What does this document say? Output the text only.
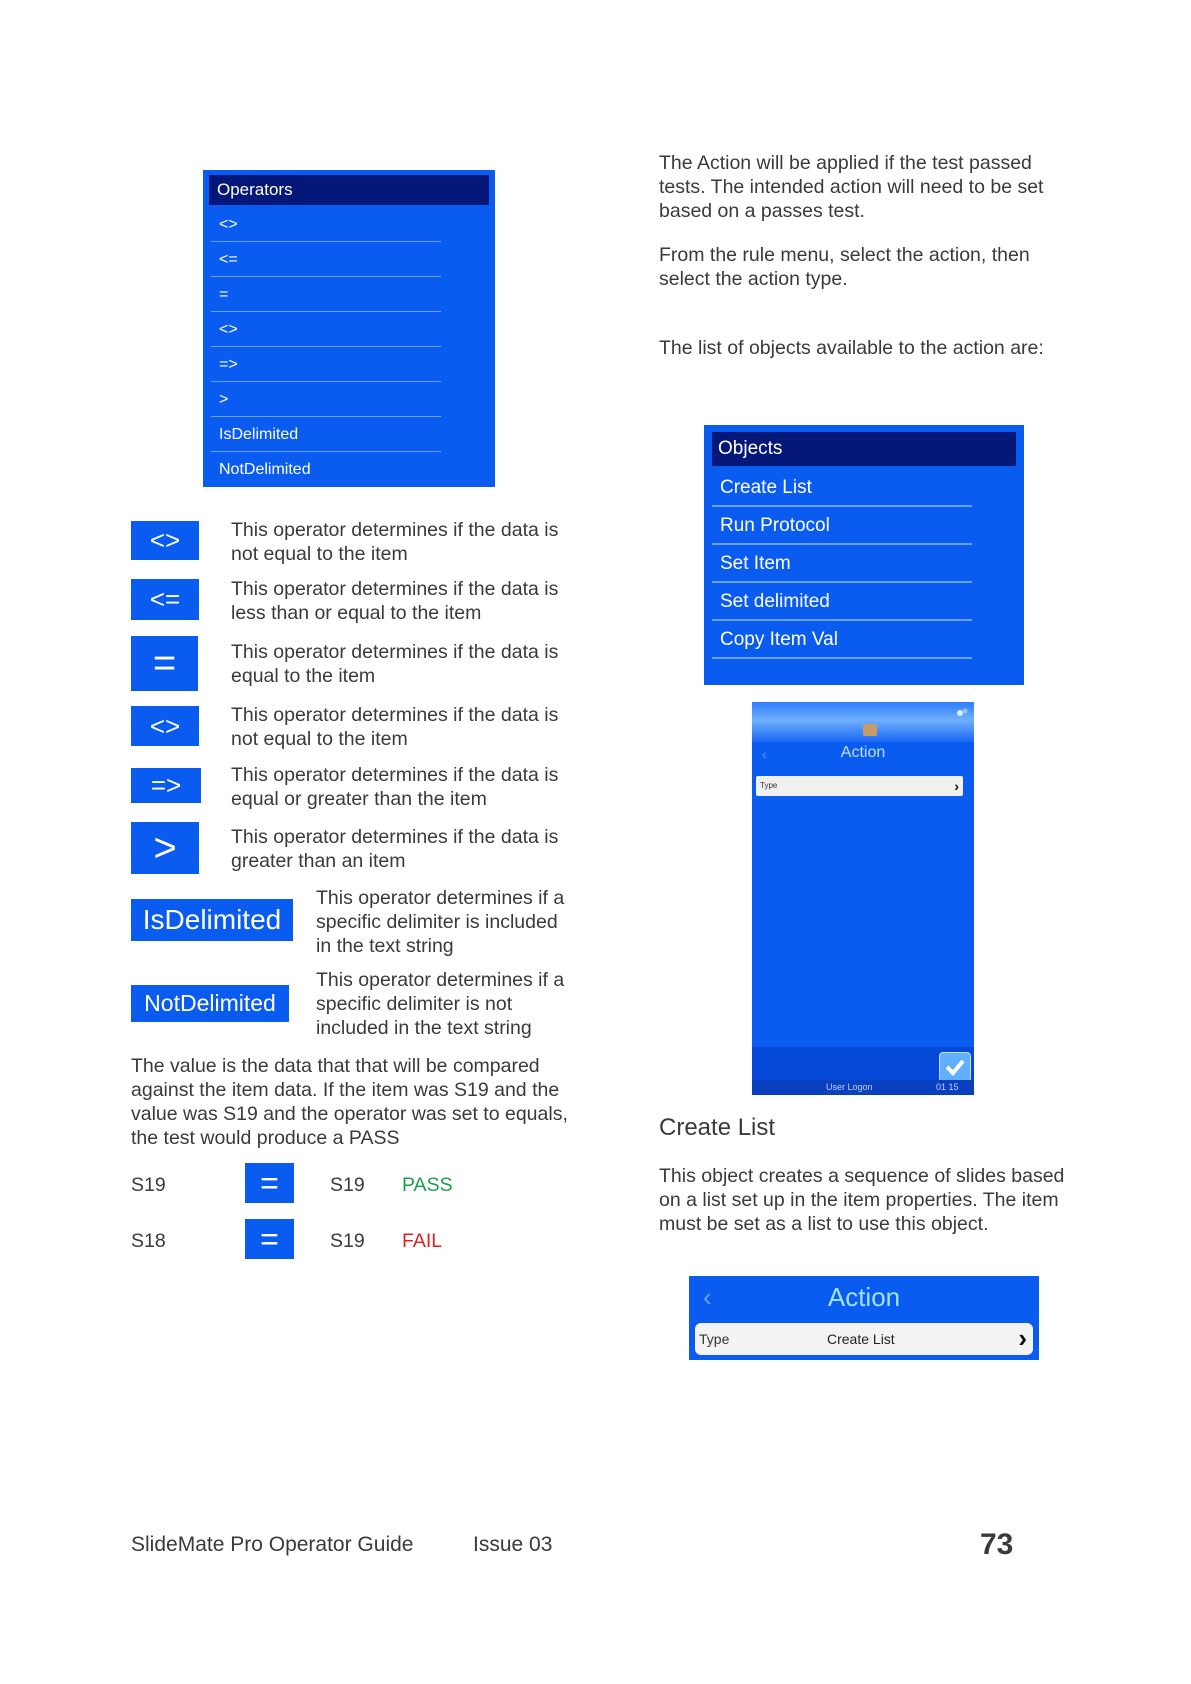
Operators
<>
<=
=
<>
=>
>
IsDelimited
NotDelimited
<>	This operator determines if the data is not equal to the item
<=	This operator determines if the data is less than or equal to the item
=	This operator determines if the data is equal to the item
<>	This operator determines if the data is not equal to the item
=>	This operator determines if the data is equal or greater than the item
>	This operator determines if the data is greater than an item
IsDelimited
This operator determines if a specific delimiter is included in the text string
NotDelimited
This operator determines if a specific delimiter is not included in the text string
The value is the data that that will be compared against the item data. If the item was S19 and the value was S19 and the operator was set to equals, the test would produce a PASS
S19	=	S19 PASS
S18	=	S19 FAIL
The Action will be applied if the test passed tests. The intended action will need to be set based on a passes test.
From the rule menu, select the action, then select the action type.
The list of objects available to the action are:
Objects
Create List
Run Protocol
Set Item
Set delimited
Copy Item Val
‹	Action
Type	›
User Logon	01 15
Create List
This object creates a sequence of slides based on a list set up in the item properties. The item must be set as a list to use this object.
‹	Action
Type	Create List	›
SlideMate Pro Operator Guide	Issue 03	73
